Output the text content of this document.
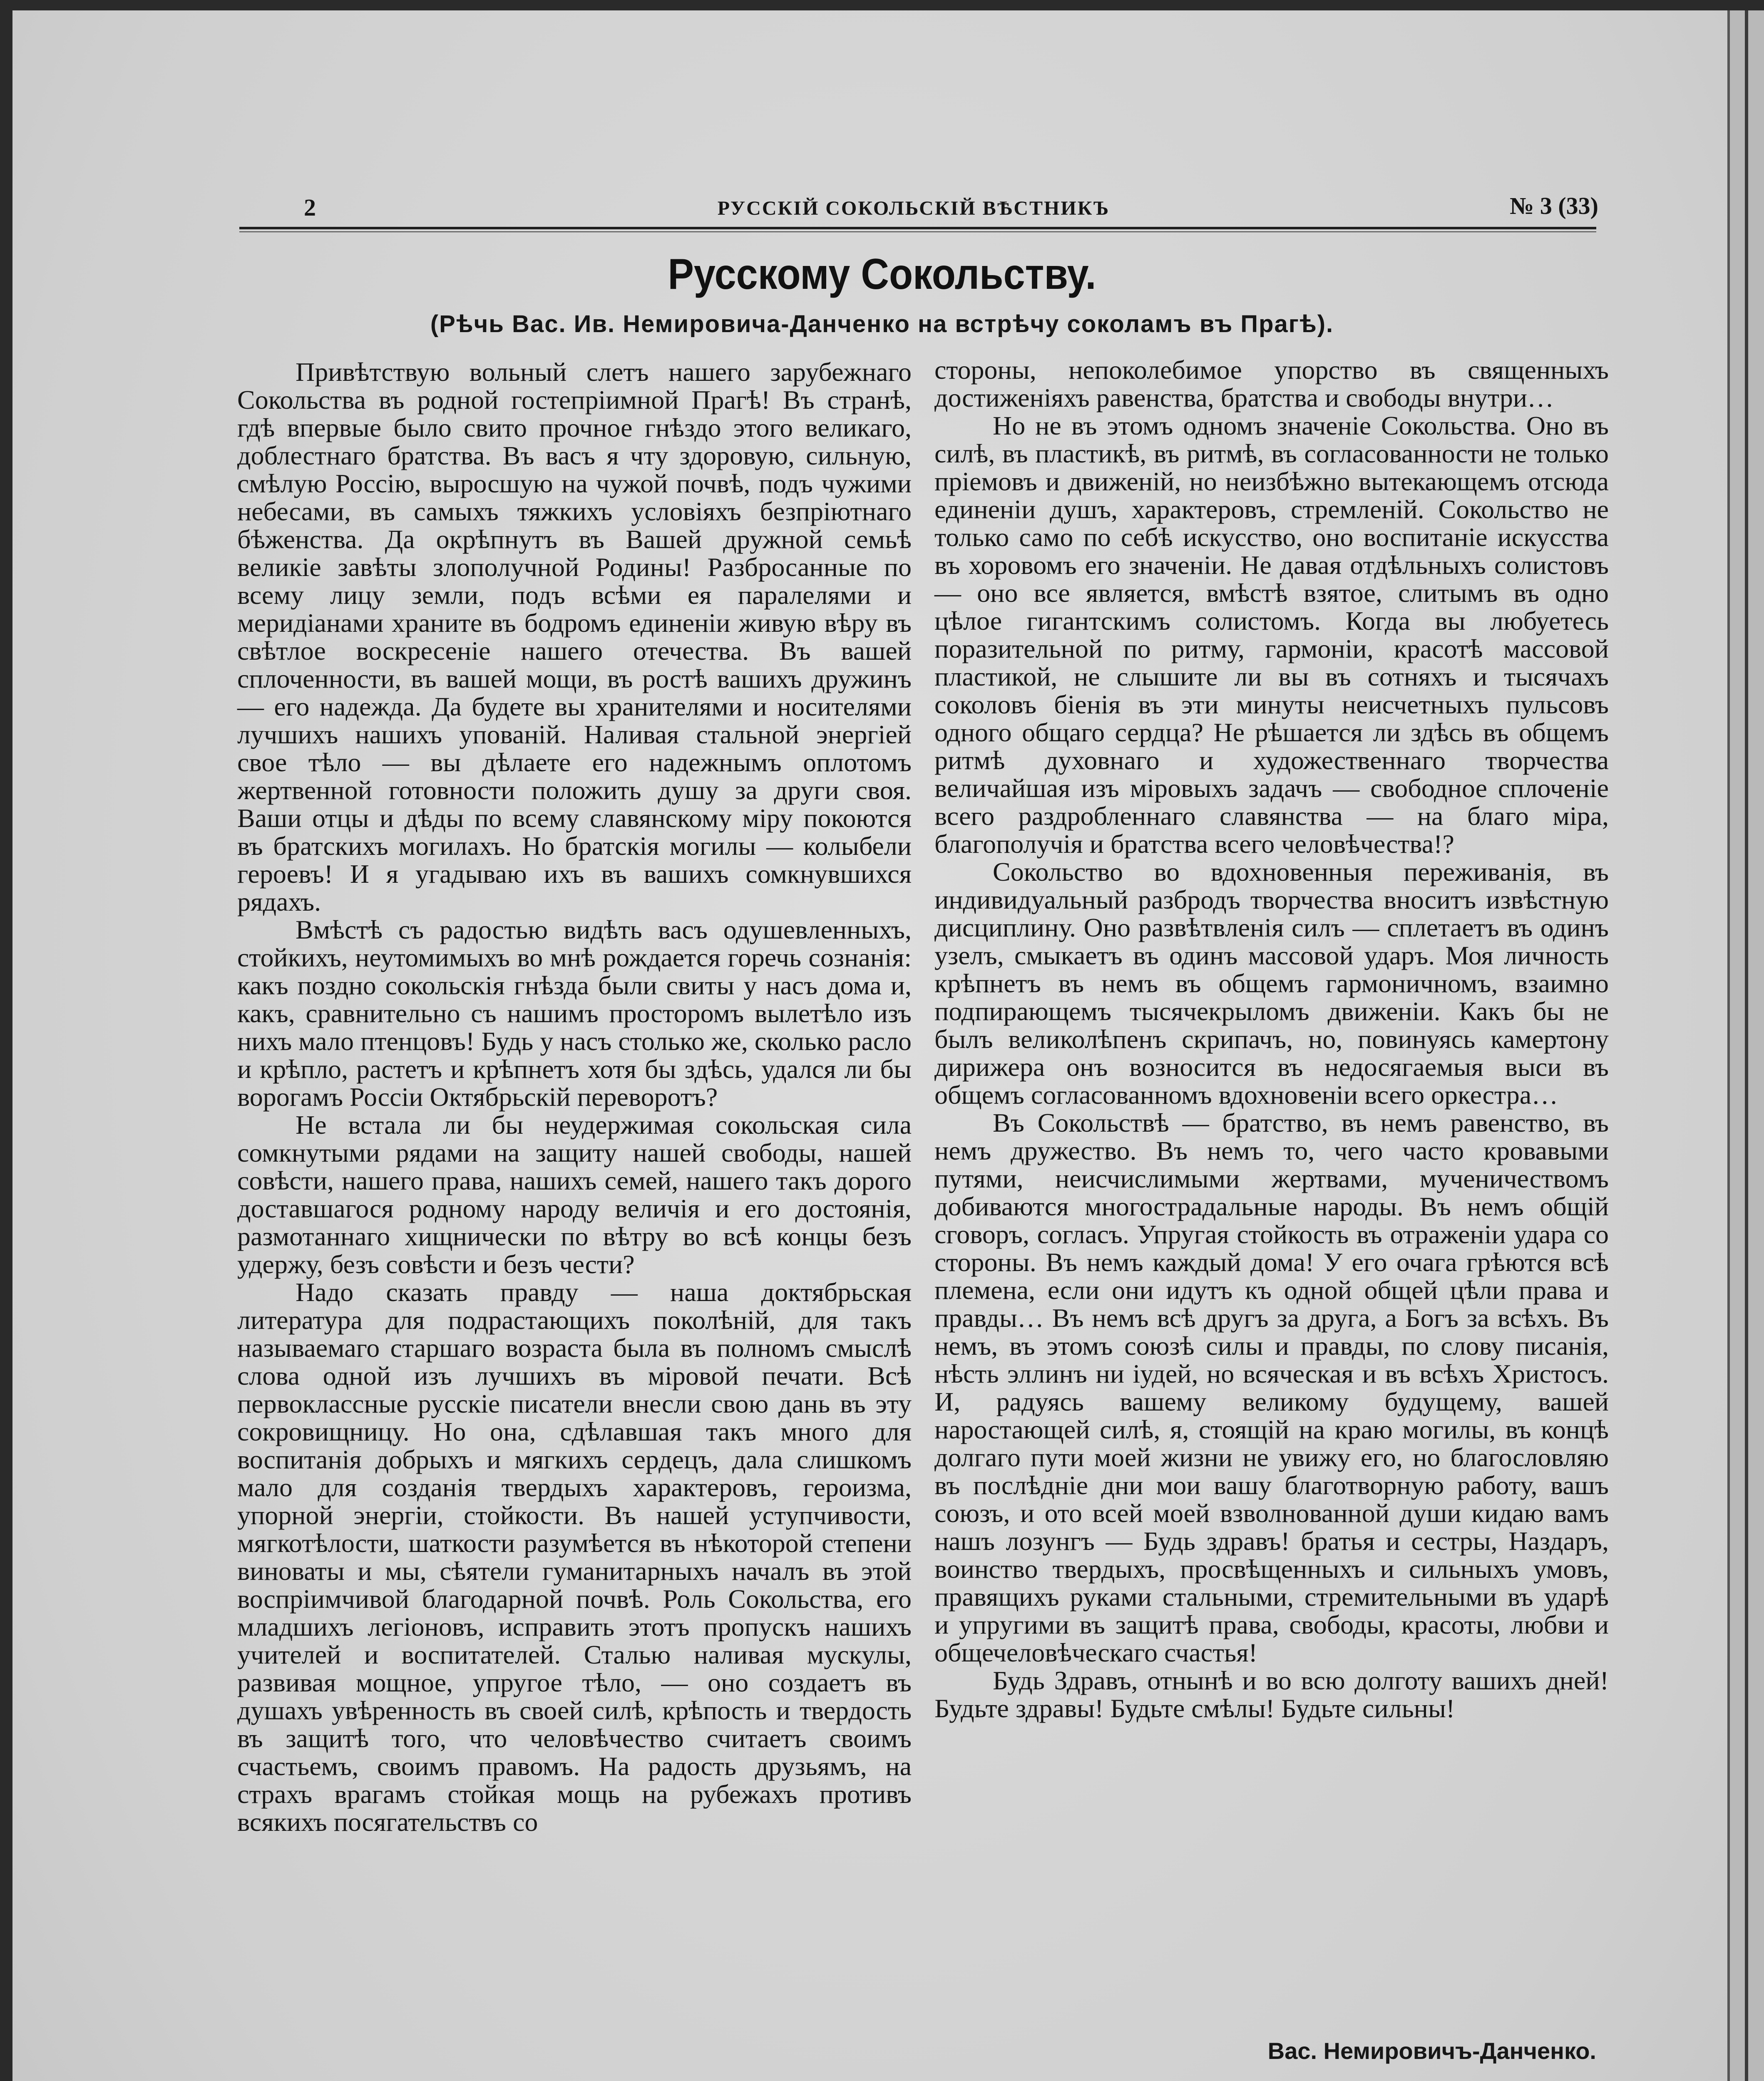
2	РУССКІЙ СОКОЛЬСКІЙ ВѢСТНИКЪ	№ 3 (33)
Русскому Сокольству.
(Рѣчь Вас. Ив. Немировича-Данченко на встрѣчу соколамъ въ Прагѣ).

Привѣтствую вольный слетъ нашего зарубежнаго Сокольства въ родной гостепріимной Прагѣ! Въ странѣ, гдѣ впервые было свито прочное гнѣздо этого великаго, доблестнаго братства. Въ васъ я чту здоровую, сильную, смѣлую Россію, выросшую на чужой почвѣ, подъ чужими небесами, въ самыхъ тяжкихъ условіяхъ безпріютнаго бѣженства. Да окрѣпнутъ въ Вашей дружной семьѣ великіе завѣты злополучной Родины! Разбросанные по всему лицу земли, подъ всѣми ея паралелями и меридіанами храните въ бодромъ единеніи живую вѣру въ свѣтлое воскресеніе нашего отечества. Въ вашей сплоченности, въ вашей мощи, въ ростѣ вашихъ дружинъ — его надежда. Да будете вы хранителями и носителями лучшихъ нашихъ упованій. Наливая стальной энергіей свое тѣло — вы дѣлаете его надежнымъ оплотомъ жертвенной готовности положить душу за други своя. Ваши отцы и дѣды по всему славянскому міру покоются въ братскихъ могилахъ. Но братскія могилы — колыбели героевъ! И я угадываю ихъ въ вашихъ сомкнувшихся рядахъ.

Вмѣстѣ съ радостью видѣть васъ одушевленныхъ, стойкихъ, неутомимыхъ во мнѣ рождается горечь сознанія: какъ поздно сокольскія гнѣзда были свиты у насъ дома и, какъ, сравнительно съ нашимъ просторомъ вылетѣло изъ нихъ мало птенцовъ! Будь у насъ столько же, сколько расло и крѣпло, растетъ и крѣпнетъ хотя бы здѣсь, удался ли бы ворогамъ Россіи Октябрьскій переворотъ?

Не встала ли бы неудержимая сокольская сила сомкнутыми рядами на защиту нашей свободы, нашей совѣсти, нашего права, нашихъ семей, нашего такъ дорого доставшагося родному народу величія и его достоянія, размотаннаго хищнически по вѣтру во всѣ концы безъ удержу, безъ совѣсти и безъ чести?

Надо сказать правду — наша доктябрьская литература для подрастающихъ поколѣній, для такъ называемаго старшаго возраста была въ полномъ смыслѣ слова одной изъ лучшихъ въ міровой печати. Всѣ первоклассные русскіе писатели внесли свою дань въ эту сокровищницу. Но она, сдѣлавшая такъ много для воспитанія добрыхъ и мягкихъ сердецъ, дала слишкомъ мало для созданія твердыхъ характеровъ, героизма, упорной энергіи, стойкости. Въ нашей уступчивости, мягкотѣлости, шаткости разумѣется въ нѣкоторой степени виноваты и мы, сѣятели гуманитарныхъ началъ въ этой воспріимчивой благодарной почвѣ. Роль Сокольства, его младшихъ легіоновъ, исправить этотъ пропускъ нашихъ учителей и воспитателей. Сталью наливая мускулы, развивая мощное, упругое тѣло, — оно создаетъ въ душахъ увѣренность въ своей силѣ, крѣпость и твердость въ защитѣ того, что человѣчество считаетъ своимъ счастьемъ, своимъ правомъ. На радость друзьямъ, на страхъ врагамъ стойкая мощь на рубежахъ противъ всякихъ посягательствъ со

стороны, непоколебимое упорство въ священныхъ достиженіяхъ равенства, братства и свободы внутри…

Но не въ этомъ одномъ значеніе Сокольства. Оно въ силѣ, въ пластикѣ, въ ритмѣ, въ согласованности не только пріемовъ и движеній, но неизбѣжно вытекающемъ отсюда единеніи душъ, характеровъ, стремленій. Сокольство не только само по себѣ искусство, оно воспитаніе искусства въ хоровомъ его значеніи. Не давая отдѣльныхъ солистовъ — оно все является, вмѣстѣ взятое, слитымъ въ одно цѣлое гигантскимъ солистомъ. Когда вы любуетесь поразительной по ритму, гармоніи, красотѣ массовой пластикой, не слышите ли вы въ сотняхъ и тысячахъ соколовъ біенія въ эти минуты неисчетныхъ пульсовъ одного общаго сердца? Не рѣшается ли здѣсь въ общемъ ритмѣ духовнаго и художественнаго творчества величайшая изъ міровыхъ задачъ — свободное сплоченіе всего раздробленнаго славянства — на благо міра, благополучія и братства всего человѣчества!?

Сокольство во вдохновенныя переживанія, въ индивидуальный разбродъ творчества вноситъ извѣстную дисциплину. Оно развѣтвленія силъ — сплетаетъ въ одинъ узелъ, смыкаетъ въ одинъ массовой ударъ. Моя личность крѣпнетъ въ немъ въ общемъ гармоничномъ, взаимно подпирающемъ тысячекрыломъ движеніи. Какъ бы не былъ великолѣпенъ скрипачъ, но, повинуясь камертону дирижера онъ возносится въ недосягаемыя выси въ общемъ согласованномъ вдохновеніи всего оркестра…

Въ Сокольствѣ — братство, въ немъ равенство, въ немъ дружество. Въ немъ то, чего часто кровавыми путями, неисчислимыми жертвами, мученичествомъ добиваются многострадальные народы. Въ немъ общій сговоръ, согласъ. Упругая стойкость въ отраженіи удара со стороны. Въ немъ каждый дома! У его очага грѣются всѣ племена, если они идутъ къ одной общей цѣли права и правды… Въ немъ всѣ другъ за друга, а Богъ за всѣхъ. Въ немъ, въ этомъ союзѣ силы и правды, по слову писанія, нѣсть эллинъ ни іудей, но всяческая и въ всѣхъ Христосъ. И, радуясь вашему великому будущему, вашей наростающей силѣ, я, стоящій на краю могилы, въ концѣ долгаго пути моей жизни не увижу его, но благословляю въ послѣдніе дни мои вашу благотворную работу, вашъ союзъ, и ото всей моей взволнованной души кидаю вамъ нашъ лозунгъ — Будь здравъ! братья и сестры, Наздаръ, воинство твердыхъ, просвѣщенныхъ и сильныхъ умовъ, правящихъ руками стальными, стремительными въ ударѣ и упругими въ защитѣ права, свободы, красоты, любви и общечеловѣческаго счастья!

Будь Здравъ, отнынѣ и во всю долготу вашихъ дней! Будьте здравы! Будьте смѣлы! Будьте сильны!

Вас. Немировичъ-Данченко.
